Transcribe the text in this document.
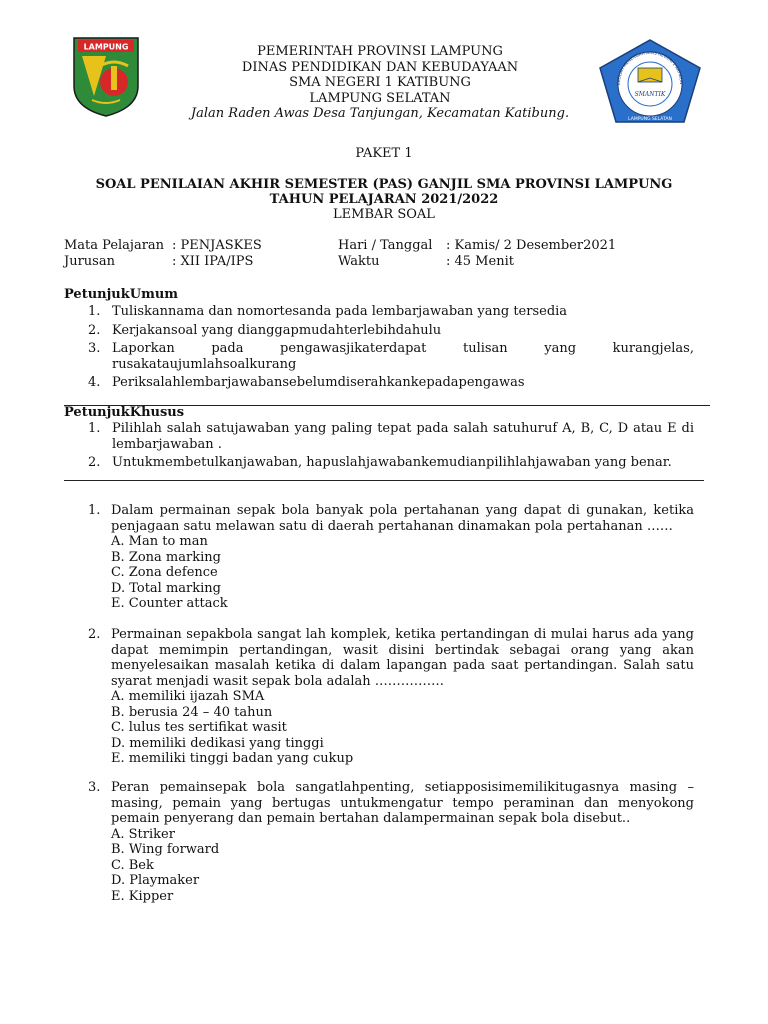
LAMPUNG
EKOLAH MENENGAH ATAS NEGERI 1 KATIBUN
SMANTIK
LAMPUNG SELATAN
PEMERINTAH PROVINSI LAMPUNG
DINAS PENDIDIKAN DAN KEBUDAYAAN
SMA NEGERI 1 KATIBUNG
LAMPUNG SELATAN
Jalan Raden Awas Desa Tanjungan, Kecamatan Katibung.
PAKET 1
SOAL PENILAIAN AKHIR SEMESTER (PAS) GANJIL SMA PROVINSI LAMPUNG
TAHUN PELAJARAN 2021/2022
LEMBAR SOAL
Mata Pelajaran : PENJASKES
Jurusan	: XII IPA/IPS
Hari / Tanggal : Kamis/ 2 Desember2021
Waktu	: 45 Menit
PetunjukUmum
1. Tuliskannama dan nomortesanda pada lembarjawaban yang tersedia
2. Kerjakansoal yang dianggapmudahterlebihdahulu
3. Laporkan pada pengawasjikaterdapat tulisan yang kurangjelas, rusakataujumlahsoalkurang
4. Periksalahlembarjawabansebelumdiserahkankepadapengawas
PetunjukKhusus
1. Pilihlah salah satujawaban yang paling tepat pada salah satuhuruf A, B, C, D atau E di lembarjawaban .
2. Untukmembetulkanjawaban, hapuslahjawabankemudianpilihlahjawaban yang benar.
1. Dalam permainan sepak bola banyak pola pertahanan yang dapat di gunakan, ketika penjagaan satu melawan satu di daerah pertahanan dinamakan pola pertahanan ……
A. Man to man
B. Zona marking
C. Zona defence
D. Total marking
E. Counter attack
2. Permainan sepakbola sangat lah komplek, ketika pertandingan di mulai harus ada yang dapat memimpin pertandingan, wasit disini bertindak sebagai orang yang akan menyelesaikan masalah ketika di dalam lapangan pada saat pertandingan. Salah satu syarat menjadi wasit sepak bola adalah …………….
A. memiliki ijazah SMA
B. berusia 24 – 40 tahun
C. lulus tes sertifikat wasit
D. memiliki dedikasi yang tinggi
E. memiliki tinggi badan yang cukup
3. Peran pemainsepak bola sangatlahpenting, setiapposisimemilikitugasnya masing – masing, pemain yang bertugas untukmengatur tempo peraminan dan menyokong pemain penyerang dan pemain bertahan dalampermainan sepak bola disebut..
A. Striker
B. Wing forward
C. Bek
D. Playmaker
E. Kipper
